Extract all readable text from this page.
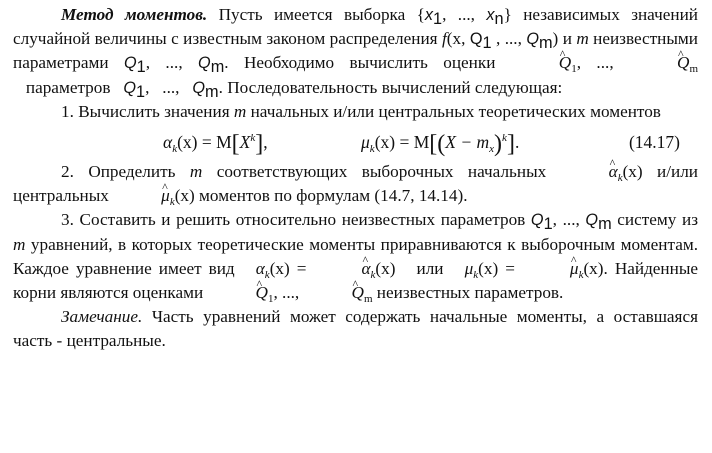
Метод моментов. Пусть имеется выборка {$x_1$, ..., $x_n$} независимых значений случайной величины с известным законом распределения f(x, $Q_1$ , ..., $Q_m$) и m неизвестными параметрами $Q_1$, ..., $Q_m$. Необходимо вычислить оценки	^ $Q_1$, ...,	^ $Q_m$   параметров   $Q_1$,   ...,   $Q_m$. Последовательность вычислений следующая:

1. Вычислить значения m начальных и/или центральных теоретических моментов

$\alpha_k(x) = M[X^k]$,	$\mu_k(x) = M[(X - m_x)^k]$.	(14.17)

2. Определить m соответствующих выборочных начальных	^ $\alpha_k(x)$ и/или центральных	^ $\mu_k(x)$ моментов по формулам (14.7, 14.14).

3. Составить и решить относительно неизвестных параметров $Q_1$, ..., $Q_m$ систему из m уравнений, в которых теоретические моменты приравниваются к выборочным моментам. Каждое уравнение имеет вид   $\alpha_k(x)$ =	^ $\alpha_k(x)$   или   $\mu_k(x)$ =	^ $\mu_k(x)$. Найденные корни являются оценками	^ $Q_1$, ...,	^ $Q_m$ неизвестных параметров.

Замечание. Часть уравнений может содержать начальные моменты, а оставшаяся часть - центральные.
